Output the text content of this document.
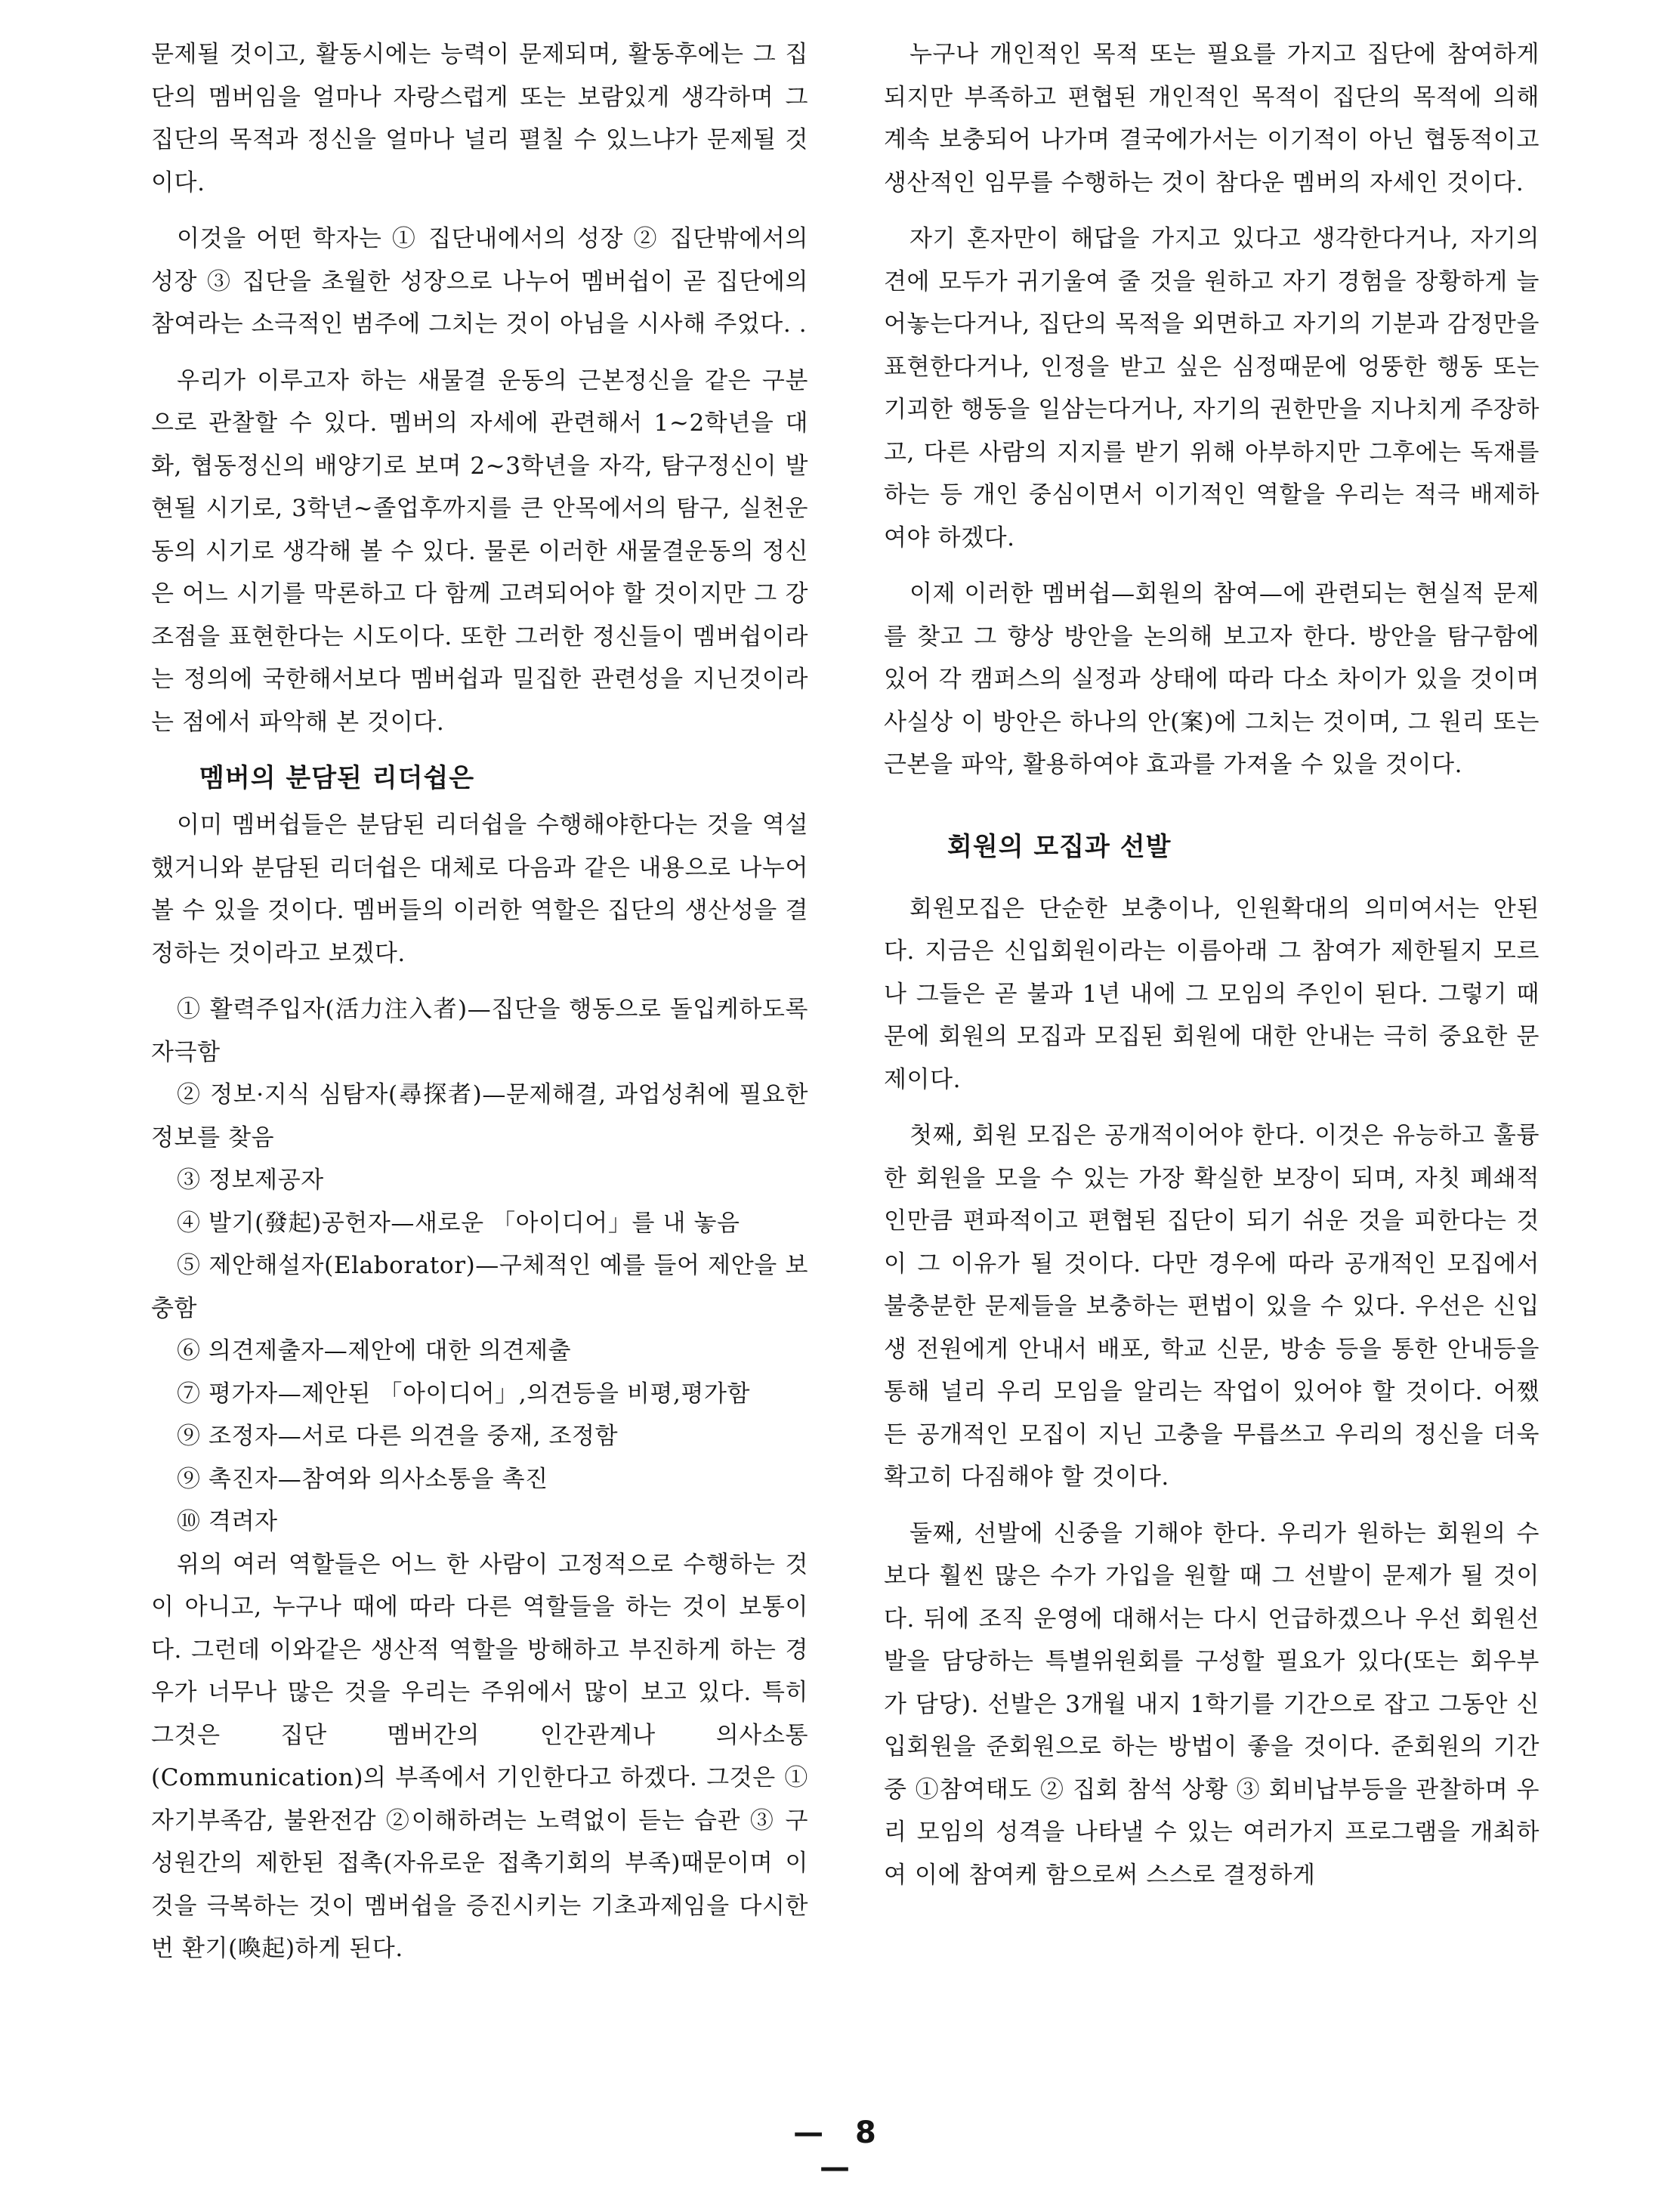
문제될 것이고, 활동시에는 능력이 문제되며, 활동후에는 그 집단의 멤버임을 얼마나 자랑스럽게 또는 보람있게 생각하며 그 집단의 목적과 정신을 얼마나 널리 펼칠 수 있느냐가 문제될 것이다.

이것을 어떤 학자는 ① 집단내에서의 성장 ② 집단밖에서의 성장 ③ 집단을 초월한 성장으로 나누어 멤버쉽이 곧 집단에의 참여라는 소극적인 범주에 그치는 것이 아님을 시사해 주었다. .

우리가 이루고자 하는 새물결 운동의 근본정신을 같은 구분으로 관찰할 수 있다. 멤버의 자세에 관련해서 1~2학년을 대화, 협동정신의 배양기로 보며 2~3학년을 자각, 탐구정신이 발현될 시기로, 3학년~졸업후까지를 큰 안목에서의 탐구, 실천운동의 시기로 생각해 볼 수 있다. 물론 이러한 새물결운동의 정신은 어느 시기를 막론하고 다 함께 고려되어야 할 것이지만 그 강조점을 표현한다는 시도이다. 또한 그러한 정신들이 멤버쉽이라는 정의에 국한해서보다 멤버쉽과 밀집한 관련성을 지닌것이라는 점에서 파악해 본 것이다.

멤버의 분담된 리더쉽은

이미 멤버쉽들은 분담된 리더쉽을 수행해야한다는 것을 역설했거니와 분담된 리더쉽은 대체로 다음과 같은 내용으로 나누어 볼 수 있을 것이다. 멤버들의 이러한 역할은 집단의 생산성을 결정하는 것이라고 보겠다.

① 활력주입자(活力注入者)—집단을 행동으로 돌입케하도록 자극함

② 정보·지식 심탐자(尋探者)—문제해결, 과업성취에 필요한 정보를 찾음

③ 정보제공자

④ 발기(發起)공헌자—새로운 「아이디어」를 내 놓음

⑤ 제안해설자(Elaborator)—구체적인 예를 들어 제안을 보충함

⑥ 의견제출자—제안에 대한 의견제출

⑦ 평가자—제안된 「아이디어」,의견등을 비평,평가함

⑨ 조정자—서로 다른 의견을 중재, 조정함

⑨ 촉진자—참여와 의사소통을 촉진

⑩ 격려자

위의 여러 역할들은 어느 한 사람이 고정적으로 수행하는 것이 아니고, 누구나 때에 따라 다른 역할들을 하는 것이 보통이다. 그런데 이와같은 생산적 역할을 방해하고 부진하게 하는 경우가 너무나 많은 것을 우리는 주위에서 많이 보고 있다. 특히 그것은 집단 멤버간의 인간관계나 의사소통(Communication)의 부족에서 기인한다고 하겠다. 그것은 ① 자기부족감, 불완전감 ②이해하려는 노력없이 듣는 습관 ③ 구성원간의 제한된 접촉(자유로운 접촉기회의 부족)때문이며 이것을 극복하는 것이 멤버쉽을 증진시키는 기초과제임을 다시한번 환기(喚起)하게 된다.

누구나 개인적인 목적 또는 필요를 가지고 집단에 참여하게 되지만 부족하고 편협된 개인적인 목적이 집단의 목적에 의해 계속 보충되어 나가며 결국에가서는 이기적이 아닌 협동적이고 생산적인 임무를 수행하는 것이 참다운 멤버의 자세인 것이다.

자기 혼자만이 해답을 가지고 있다고 생각한다거나, 자기의견에 모두가 귀기울여 줄 것을 원하고 자기 경험을 장황하게 늘어놓는다거나, 집단의 목적을 외면하고 자기의 기분과 감정만을 표현한다거나, 인정을 받고 싶은 심정때문에 엉뚱한 행동 또는 기괴한 행동을 일삼는다거나, 자기의 권한만을 지나치게 주장하고, 다른 사람의 지지를 받기 위해 아부하지만 그후에는 독재를 하는 등 개인 중심이면서 이기적인 역할을 우리는 적극 배제하여야 하겠다.

이제 이러한 멤버쉽—회원의 참여—에 관련되는 현실적 문제를 찾고 그 향상 방안을 논의해 보고자 한다. 방안을 탐구함에 있어 각 캠퍼스의 실정과 상태에 따라 다소 차이가 있을 것이며 사실상 이 방안은 하나의 안(案)에 그치는 것이며, 그 원리 또는 근본을 파악, 활용하여야 효과를 가져올 수 있을 것이다.

회원의 모집과 선발

회원모집은 단순한 보충이나, 인원확대의 의미여서는 안된다. 지금은 신입회원이라는 이름아래 그 참여가 제한될지 모르나 그들은 곧 불과 1년 내에 그 모임의 주인이 된다. 그렇기 때문에 회원의 모집과 모집된 회원에 대한 안내는 극히 중요한 문제이다.

첫째, 회원 모집은 공개적이어야 한다. 이것은 유능하고 훌륭한 회원을 모을 수 있는 가장 확실한 보장이 되며, 자칫 폐쇄적인만큼 편파적이고 편협된 집단이 되기 쉬운 것을 피한다는 것이 그 이유가 될 것이다. 다만 경우에 따라 공개적인 모집에서 불충분한 문제들을 보충하는 편법이 있을 수 있다. 우선은 신입생 전원에게 안내서 배포, 학교 신문, 방송 등을 통한 안내등을 통해 널리 우리 모임을 알리는 작업이 있어야 할 것이다. 어쨌든 공개적인 모집이 지닌 고충을 무릅쓰고 우리의 정신을 더욱 확고히 다짐해야 할 것이다.

둘째, 선발에 신중을 기해야 한다. 우리가 원하는 회원의 수 보다 훨씬 많은 수가 가입을 원할 때 그 선발이 문제가 될 것이다. 뒤에 조직 운영에 대해서는 다시 언급하겠으나 우선 회원선발을 담당하는 특별위원회를 구성할 필요가 있다(또는 회우부가 담당). 선발은 3개월 내지 1학기를 기간으로 잡고 그동안 신입회원을 준회원으로 하는 방법이 좋을 것이다. 준회원의 기간중 ①참여태도 ② 집회 참석 상황 ③ 회비납부등을 관찰하며 우리 모임의 성격을 나타낼 수 있는 여러가지 프로그램을 개최하여 이에 참여케 함으로써 스스로 결정하게

— 8 —
